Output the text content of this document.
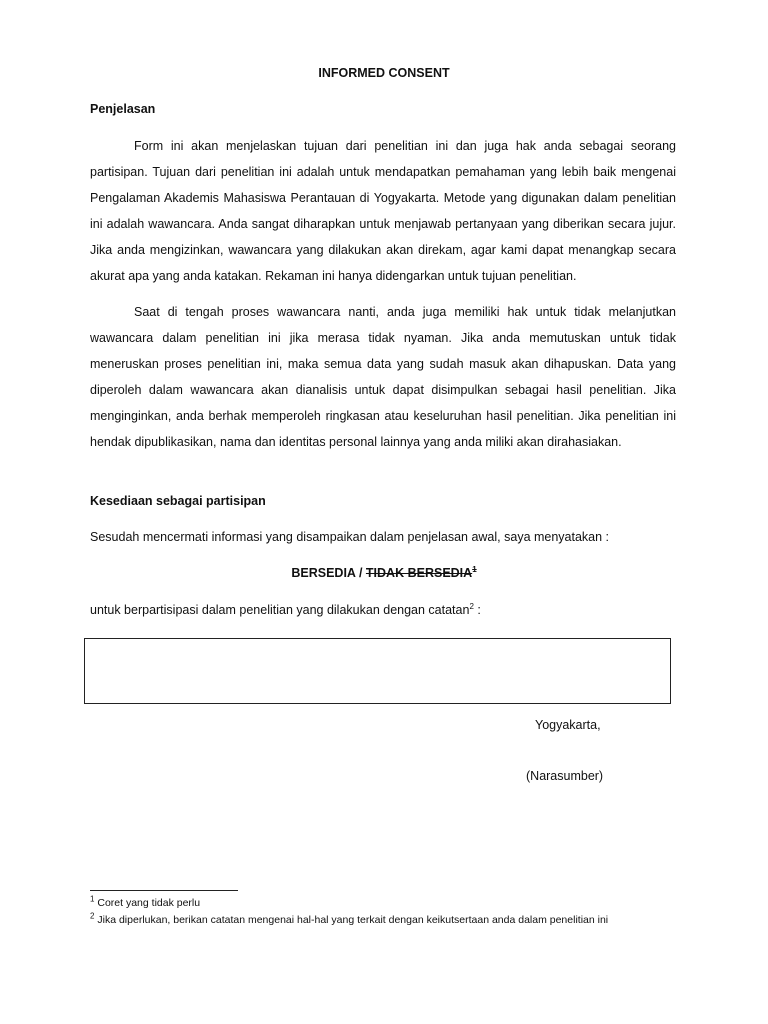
INFORMED CONSENT
Penjelasan

Form ini akan menjelaskan tujuan dari penelitian ini dan juga hak anda sebagai seorang partisipan. Tujuan dari penelitian ini adalah untuk mendapatkan pemahaman yang lebih baik mengenai Pengalaman Akademis Mahasiswa Perantauan di Yogyakarta. Metode yang digunakan dalam penelitian ini adalah wawancara. Anda sangat diharapkan untuk menjawab pertanyaan yang diberikan secara jujur. Jika anda mengizinkan, wawancara yang dilakukan akan direkam, agar kami dapat menangkap secara akurat apa yang anda katakan. Rekaman ini hanya didengarkan untuk tujuan penelitian.

Saat di tengah proses wawancara nanti, anda juga memiliki hak untuk tidak melanjutkan wawancara dalam penelitian ini jika merasa tidak nyaman. Jika anda memutuskan untuk tidak meneruskan proses penelitian ini, maka semua data yang sudah masuk akan dihapuskan. Data yang diperoleh dalam wawancara akan dianalisis untuk dapat disimpulkan sebagai hasil penelitian. Jika menginginkan, anda berhak memperoleh ringkasan atau keseluruhan hasil penelitian. Jika penelitian ini hendak dipublikasikan, nama dan identitas personal lainnya yang anda miliki akan dirahasiakan.

Kesediaan sebagai partisipan
Sesudah mencermati informasi yang disampaikan dalam penjelasan awal, saya menyatakan :
BERSEDIA / TIDAK BERSEDIA$^1$
untuk berpartisipasi dalam penelitian yang dilakukan dengan catatan$^2$ :
Yogyakarta,
(Narasumber)
$^1$ Coret yang tidak perlu
$^2$ Jika diperlukan, berikan catatan mengenai hal-hal yang terkait dengan keikutsertaan anda dalam penelitian ini
